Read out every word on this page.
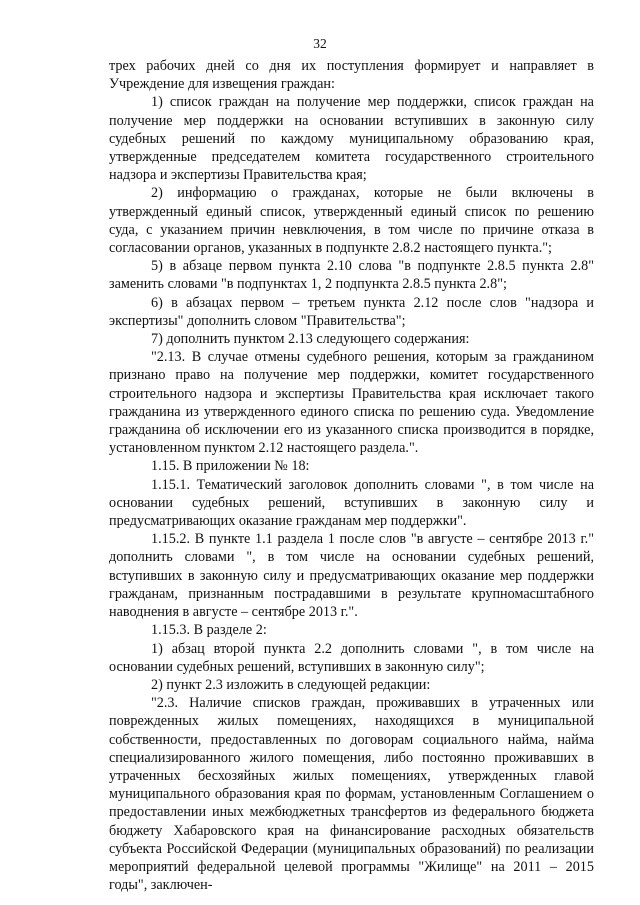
32

трех рабочих дней со дня их поступления формирует и направляет в Учреждение для извещения граждан:

1) список граждан на получение мер поддержки, список граждан на получение мер поддержки на основании вступивших в законную силу судебных решений по каждому муниципальному образованию края, утвержденные председателем комитета государственного строительного надзора и экспертизы Правительства края;

2) информацию о гражданах, которые не были включены в утвержденный единый список, утвержденный единый список по решению суда, с указанием причин невключения, в том числе по причине отказа в согласовании органов, указанных в подпункте 2.8.2 настоящего пункта.";

5) в абзаце первом пункта 2.10 слова "в подпункте 2.8.5 пункта 2.8" заменить словами "в подпунктах 1, 2 подпункта 2.8.5 пункта 2.8";

6) в абзацах первом – третьем пункта 2.12 после слов "надзора и экспертизы" дополнить словом "Правительства";

7) дополнить пунктом 2.13 следующего содержания:

"2.13. В случае отмены судебного решения, которым за гражданином признано право на получение мер поддержки, комитет государственного строительного надзора и экспертизы Правительства края исключает такого гражданина из утвержденного единого списка по решению суда. Уведомление гражданина об исключении его из указанного списка производится в порядке, установленном пунктом 2.12 настоящего раздела.".

1.15. В приложении № 18:

1.15.1. Тематический заголовок дополнить словами ", в том числе на основании судебных решений, вступивших в законную силу и предусматривающих оказание гражданам мер поддержки".

1.15.2. В пункте 1.1 раздела 1 после слов "в августе – сентябре 2013 г." дополнить словами ", в том числе на основании судебных решений, вступивших в законную силу и предусматривающих оказание мер поддержки гражданам, признанным пострадавшими в результате крупномасштабного наводнения в августе – сентябре 2013 г.".

1.15.3. В разделе 2:

1) абзац второй пункта 2.2 дополнить словами ", в том числе на основании судебных решений, вступивших в законную силу";

2) пункт 2.3 изложить в следующей редакции:

"2.3. Наличие списков граждан, проживавших в утраченных или поврежденных жилых помещениях, находящихся в муниципальной собственности, предоставленных по договорам социального найма, найма специализированного жилого помещения, либо постоянно проживавших в утраченных бесхозяйных жилых помещениях, утвержденных главой муниципального образования края по формам, установленным Соглашением о предоставлении иных межбюджетных трансфертов из федерального бюджета бюджету Хабаровского края на финансирование расходных обязательств субъекта Российской Федерации (муниципальных образований) по реализации мероприятий федеральной целевой программы "Жилище" на 2011 – 2015 годы", заключен-
